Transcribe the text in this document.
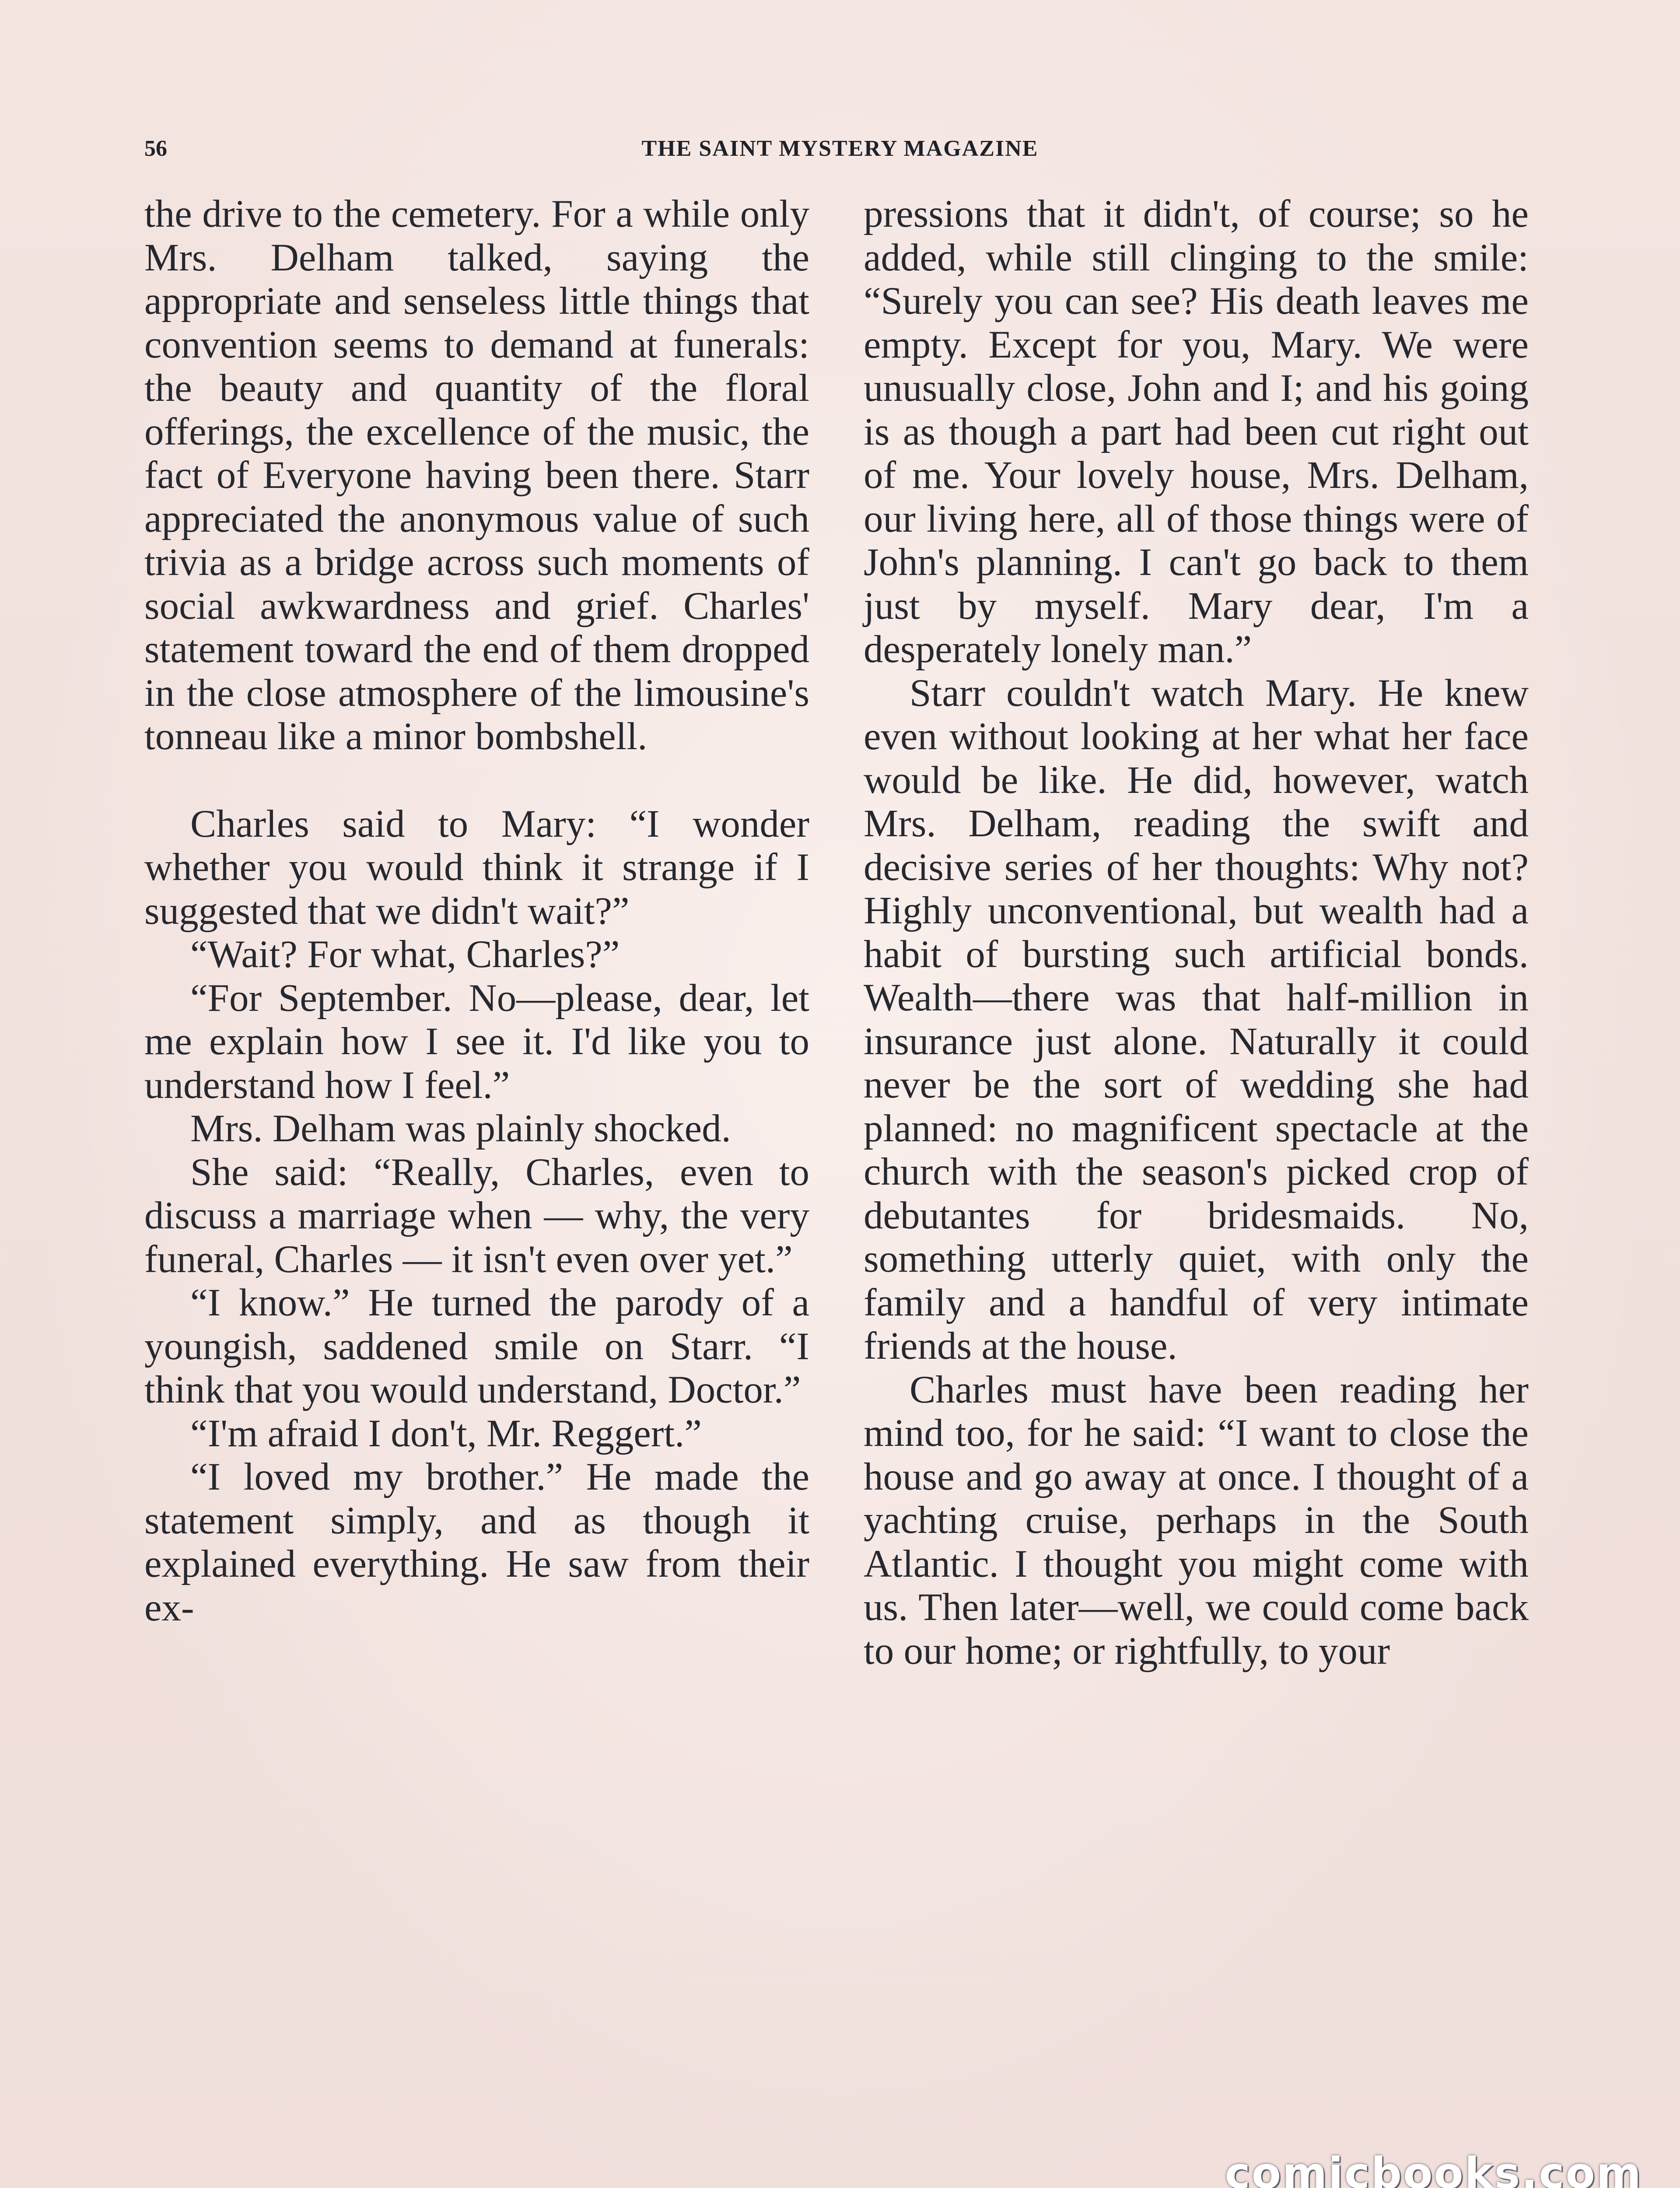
56	THE SAINT MYSTERY MAGAZINE

the drive to the cemetery. For a while only Mrs. Delham talked, saying the appropriate and senseless little things that convention seems to demand at funerals: the beauty and quantity of the floral offerings, the excellence of the music, the fact of Everyone having been there. Starr appreciated the anonymous value of such trivia as a bridge across such moments of social awkwardness and grief. Charles' statement toward the end of them dropped in the close atmosphere of the limousine's tonneau like a minor bombshell.

Charles said to Mary: “I wonder whether you would think it strange if I suggested that we didn't wait?”

“Wait? For what, Charles?”

“For September. No—please, dear, let me explain how I see it. I'd like you to understand how I feel.”

Mrs. Delham was plainly shocked.

She said: “Really, Charles, even to discuss a marriage when — why, the very funeral, Charles — it isn't even over yet.”

“I know.” He turned the parody of a youngish, saddened smile on Starr. “I think that you would understand, Doctor.”

“I'm afraid I don't, Mr. Reggert.”

“I loved my brother.” He made the statement simply, and as though it explained everything. He saw from their ex-

pressions that it didn't, of course; so he added, while still clinging to the smile: “Surely you can see? His death leaves me empty. Except for you, Mary. We were unusually close, John and I; and his going is as though a part had been cut right out of me. Your lovely house, Mrs. Delham, our living here, all of those things were of John's planning. I can't go back to them just by myself. Mary dear, I'm a desperately lonely man.”

Starr couldn't watch Mary. He knew even without looking at her what her face would be like. He did, however, watch Mrs. Delham, reading the swift and decisive series of her thoughts: Why not? Highly unconventional, but wealth had a habit of bursting such artificial bonds. Wealth—there was that half-million in insurance just alone. Naturally it could never be the sort of wedding she had planned: no magnificent spectacle at the church with the season's picked crop of debutantes for bridesmaids. No, something utterly quiet, with only the family and a handful of very intimate friends at the house.

Charles must have been reading her mind too, for he said: “I want to close the house and go away at once. I thought of a yachting cruise, perhaps in the South Atlantic. I thought you might come with us. Then later—well, we could come back to our home; or rightfully, to your

comicbooks.com
